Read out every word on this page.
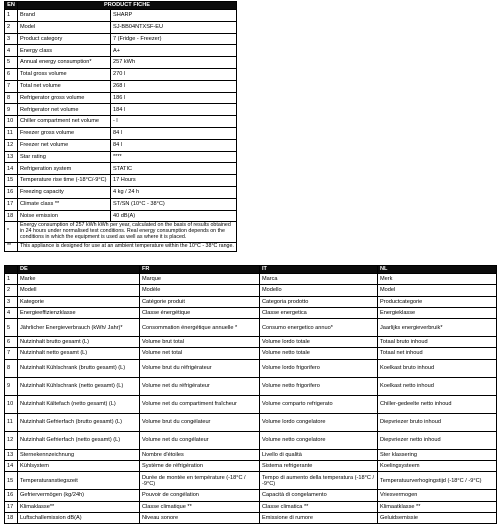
EN	PRODUCT FICHE	
1	Brand	SHARP
2	Model	SJ-BB04NTXSF-EU
3	Product category	7 (Fridge - Freezer)
4	Energy class	A+
5	Annual energy consumption*	257 kWh
6	Total gross volume	270 l
7	Total net volume	268 l
8	Refrigerator gross volume	186 l
9	Refrigerator net volume	184 l
10	Chiller compartment net volume	- l
11	Freezer gross volume	84 l
12	Freezer net volume	84 l
13	Star rating	****
14	Refrigeration system	STATIC
15	Temperature rise time (-18°C/-9°C)	17 Hours
16	Freezing capacity	4 kg / 24 h
17	Climate class **	ST/SN (10°C - 38°C)
18	Noise emission	40 dB(A)
*	Energy consumption of 257 kWh kWh per year, calculated on the basis of results obtained in 24 hours under normalised test conditions. Real energy consumption depends on the conditions in which the equipment is used as well as where it is placed.	
**	This appliance is designed for use at an ambient temperature within the 10°C - 38°C range.	
	DE	FR	IT	NL
1	Marke	Marque	Marca	Merk
2	Modell	Modèle	Modello	Model
3	Kategorie	Catégorie produit	Categoria prodotto	Productcategorie
4	Energieeffizienzklasse	Classe énergétique	Classe energetica	Energieklasse
5	Jährlicher Energieverbrauch (kWh/ Jahr)*	Consommation énergétique annuelle *	Consumo energetico annuo*	Jaarlijks energieverbruik*
6	Nutzinhalt brutto gesamt (L)	Volume brut total	Volume lordo totale	Totaal bruto inhoud
7	Nutzinhalt netto gesamt (L)	Volume net total	Volume netto totale	Totaal net inhoud
8	Nutzinhalt Kühlschrank (brutto gesamt) (L)	Volume brut du réfrigérateur	Volume lordo frigorifero	Koelkast bruto inhoud
9	Nutzinhalt Kühlschrank (netto gesamt) (L)	Volume net du réfrigérateur	Volume netto frigorifero	Koelkast netto inhoud
10	Nutzinhalt Kältefach (netto gesamt) (L)	Volume net du compartiment fraîcheur	Volume comparto refrigerato	Chiller-gedeelte netto inhoud
11	Nutzinhalt Gefrierfach (brutto gesamt) (L)	Volume brut du congélateur	Volume lordo congelatore	Diepvriezer bruto inhoud
12	Nutzinhalt Gefrierfach (netto gesamt) (L)	Volume net du congélateur	Volume netto congelatore	Diepvriezer netto inhoud
13	Sternekennzeichnung	Nombre d'étoiles	Livello di qualità	Ster klassering
14	Kühlsystem	Système de réfrigération	Sistema refrigerante	Koelingsysteem
15	Temperaturanstiegszeit	Durée de montée en température (-18°C / -9°C)	Tempo di aumento della temperatura (-18°C / -9°C)	Temperatuurverhogingstijd (-18°C / -9°C)
16	Gefriervermögen (kg/24h)	Pouvoir de congélation	Capacità di congelamento	Vriesvermogen
17	Klimaklasse**	Classe climatique **	Classe climatica **	Klimaatklasse **
18	Luftschallemission dB(A)	Niveau sonore	Emissione di rumore	Geluidsemissie
